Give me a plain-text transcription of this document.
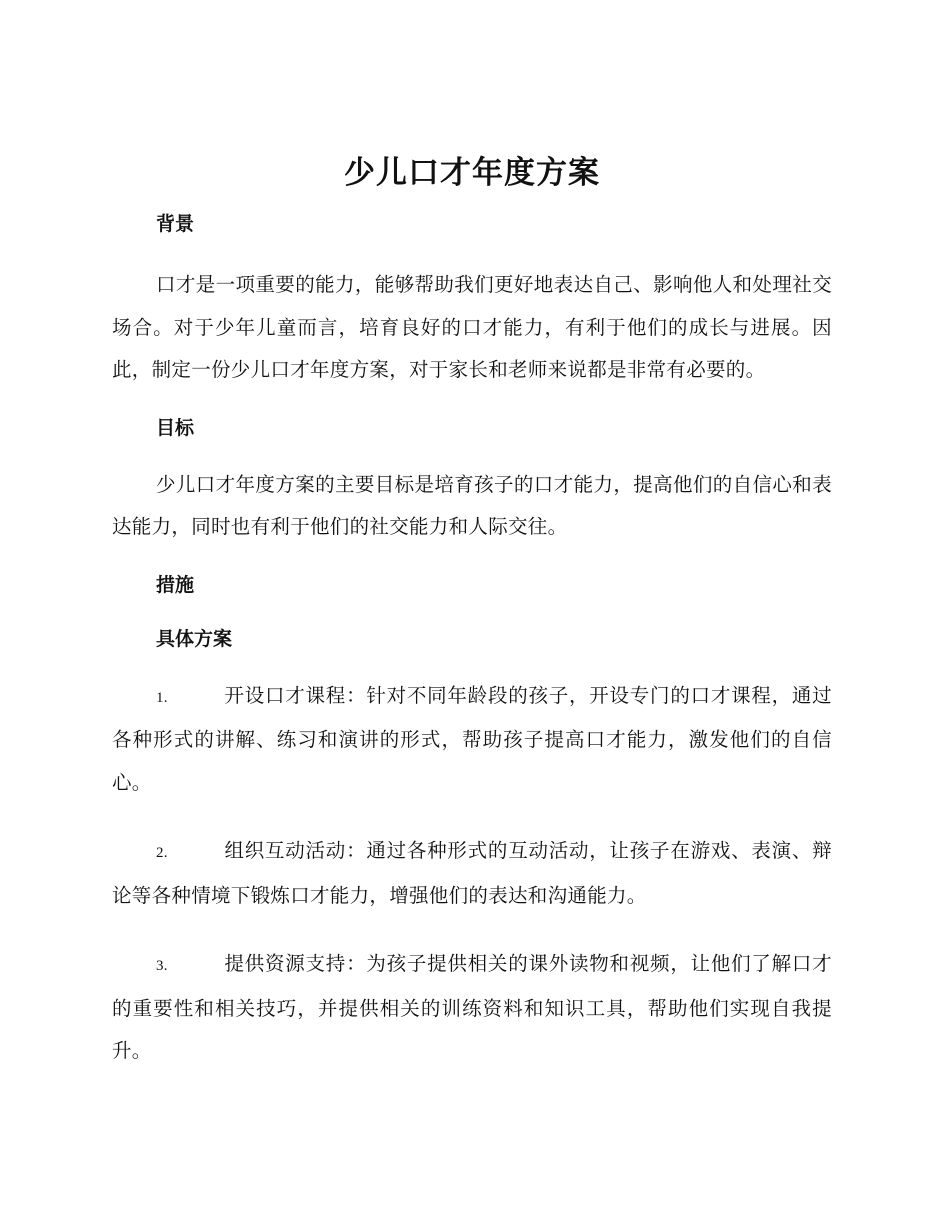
少儿口才年度方案
背景

口才是一项重要的能力，能够帮助我们更好地表达自己、影响他人和处理社交场合。对于少年儿童而言，培育良好的口才能力，有利于他们的成长与进展。因此，制定一份少儿口才年度方案，对于家长和老师来说都是非常有必要的。

目标

少儿口才年度方案的主要目标是培育孩子的口才能力，提高他们的自信心和表达能力，同时也有利于他们的社交能力和人际交往。

措施
具体方案

1.	开设口才课程：针对不同年龄段的孩子，开设专门的口才课程，通过各种形式的讲解、练习和演讲的形式，帮助孩子提高口才能力，激发他们的自信心。

2.	组织互动活动：通过各种形式的互动活动，让孩子在游戏、表演、辩论等各种情境下锻炼口才能力，增强他们的表达和沟通能力。

3.	提供资源支持：为孩子提供相关的课外读物和视频，让他们了解口才的重要性和相关技巧，并提供相关的训练资料和知识工具，帮助他们实现自我提升。
